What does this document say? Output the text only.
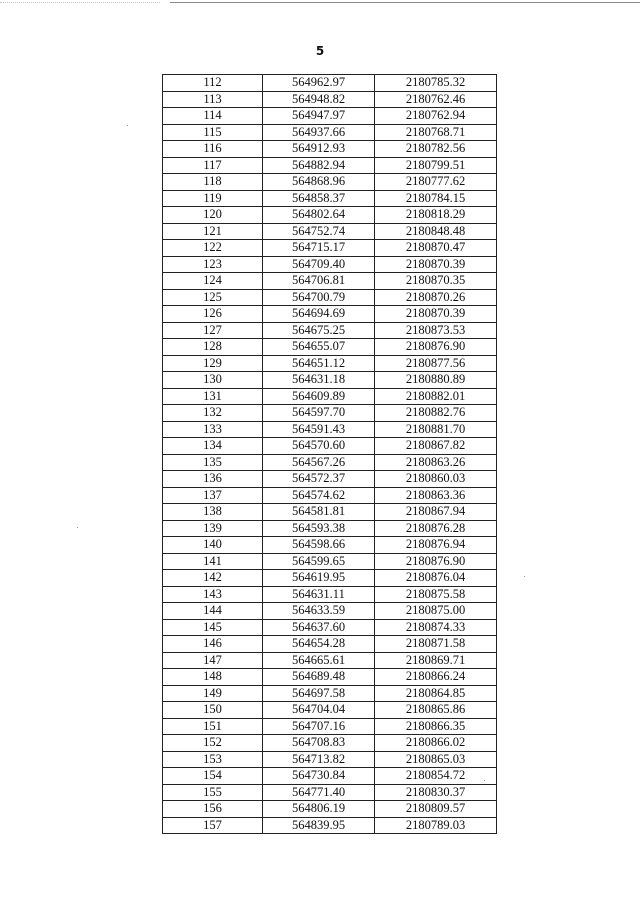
5
112	564962.97	2180785.32
113	564948.82	2180762.46
114	564947.97	2180762.94
115	564937.66	2180768.71
116	564912.93	2180782.56
117	564882.94	2180799.51
118	564868.96	2180777.62
119	564858.37	2180784.15
120	564802.64	2180818.29
121	564752.74	2180848.48
122	564715.17	2180870.47
123	564709.40	2180870.39
124	564706.81	2180870.35
125	564700.79	2180870.26
126	564694.69	2180870.39
127	564675.25	2180873.53
128	564655.07	2180876.90
129	564651.12	2180877.56
130	564631.18	2180880.89
131	564609.89	2180882.01
132	564597.70	2180882.76
133	564591.43	2180881.70
134	564570.60	2180867.82
135	564567.26	2180863.26
136	564572.37	2180860.03
137	564574.62	2180863.36
138	564581.81	2180867.94
139	564593.38	2180876.28
140	564598.66	2180876.94
141	564599.65	2180876.90
142	564619.95	2180876.04
143	564631.11	2180875.58
144	564633.59	2180875.00
145	564637.60	2180874.33
146	564654.28	2180871.58
147	564665.61	2180869.71
148	564689.48	2180866.24
149	564697.58	2180864.85
150	564704.04	2180865.86
151	564707.16	2180866.35
152	564708.83	2180866.02
153	564713.82	2180865.03
154	564730.84	2180854.72
155	564771.40	2180830.37
156	564806.19	2180809.57
157	564839.95	2180789.03
